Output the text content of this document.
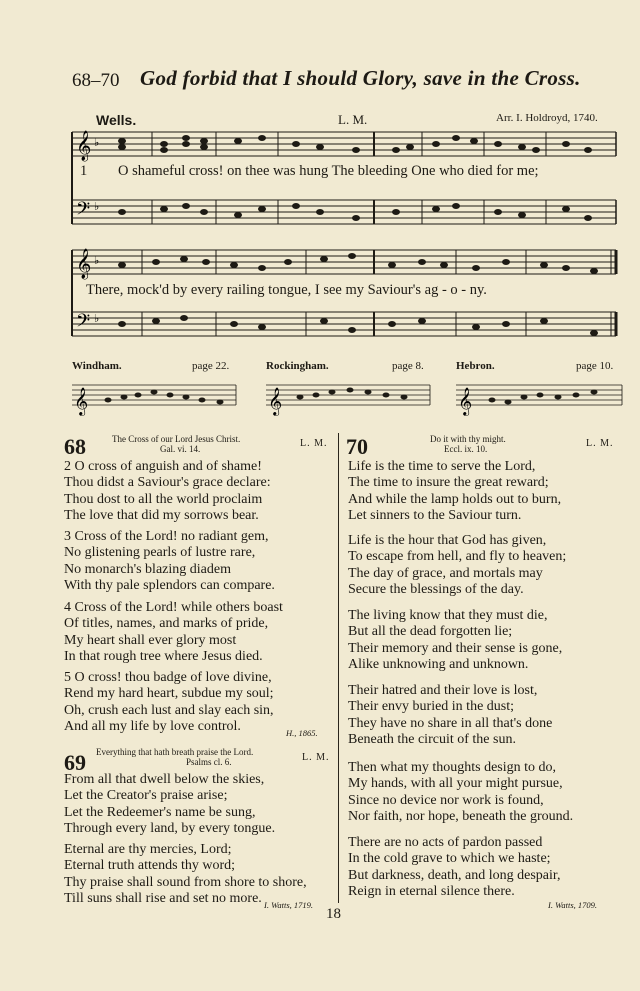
68–70 God forbid that I should Glory, save in the Cross.
Wells.	L. M.	Arr. I. Holdroyd, 1740.
𝄞
𝄢
♭
♭
1 O shameful cross! on thee was hung The bleeding One who died for me;
𝄞
𝄢
♭
♭
There, mock'd by every railing tongue, I see my Saviour's ag - o - ny.
Windham.	page 22.	Rockingham.	page 8.	Hebron.	page 10.
𝄞	𝄞	𝄞
68	The Cross of our Lord Jesus Christ.
Gal. vi. 14.	L. M.
2 O cross of anguish and of shame!
Thou didst a Saviour's grace declare:
Thou dost to all the world proclaim
The love that did my sorrows bear.
3 Cross of the Lord! no radiant gem,
No glistening pearls of lustre rare,
No monarch's blazing diadem
With thy pale splendors can compare.
4 Cross of the Lord! while others boast
Of titles, names, and marks of pride,
My heart shall ever glory most
In that rough tree where Jesus died.
5 O cross! thou badge of love divine,
Rend my hard heart, subdue my soul;
Oh, crush each lust and slay each sin,
And all my life by love control.	H., 1865.
69 Everything that hath breath praise the Lord.
Psalms cl. 6.	L. M.
From all that dwell below the skies,
Let the Creator's praise arise;
Let the Redeemer's name be sung,
Through every land, by every tongue.
Eternal are thy mercies, Lord;
Eternal truth attends thy word;
Thy praise shall sound from shore to shore,
Till suns shall rise and set no more. I. Watts, 1719.
70	Do it with thy might.
Eccl. ix. 10.	L. M.
Life is the time to serve the Lord,
The time to insure the great reward;
And while the lamp holds out to burn,
Let sinners to the Saviour turn.
Life is the hour that God has given,
To escape from hell, and fly to heaven;
The day of grace, and mortals may
Secure the blessings of the day.
The living know that they must die,
But all the dead forgotten lie;
Their memory and their sense is gone,
Alike unknowing and unknown.
Their hatred and their love is lost,
Their envy buried in the dust;
They have no share in all that's done
Beneath the circuit of the sun.
Then what my thoughts design to do,
My hands, with all your might pursue,
Since no device nor work is found,
Nor faith, nor hope, beneath the ground.
There are no acts of pardon passed
In the cold grave to which we haste;
But darkness, death, and long despair,
Reign in eternal silence there.
I. Watts, 1709.
18
